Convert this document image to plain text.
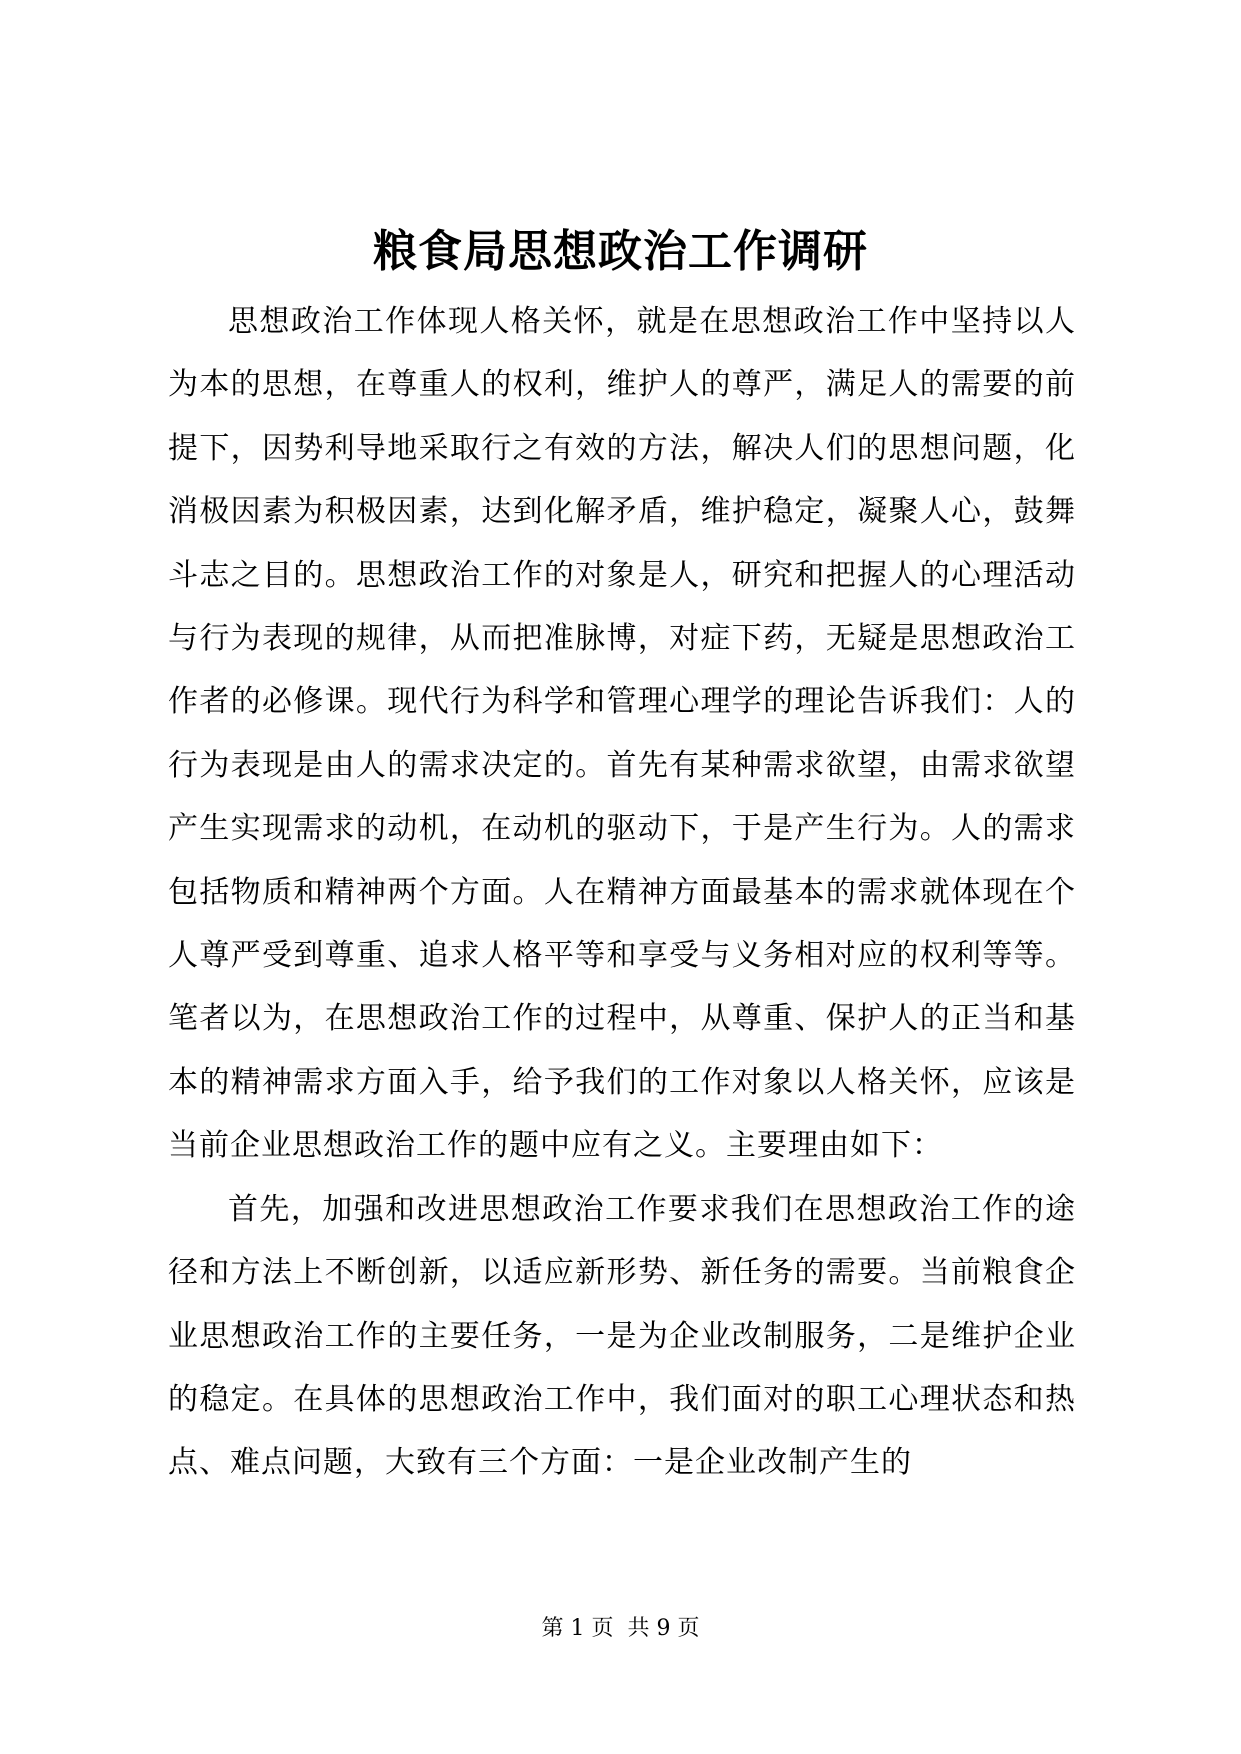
粮食局思想政治工作调研

思想政治工作体现人格关怀，就是在思想政治工作中坚持以人为本的思想，在尊重人的权利，维护人的尊严，满足人的需要的前提下，因势利导地采取行之有效的方法，解决人们的思想问题，化消极因素为积极因素，达到化解矛盾，维护稳定，凝聚人心，鼓舞斗志之目的。思想政治工作的对象是人，研究和把握人的心理活动与行为表现的规律，从而把准脉博，对症下药，无疑是思想政治工作者的必修课。现代行为科学和管理心理学的理论告诉我们：人的行为表现是由人的需求决定的。首先有某种需求欲望，由需求欲望产生实现需求的动机，在动机的驱动下，于是产生行为。人的需求包括物质和精神两个方面。人在精神方面最基本的需求就体现在个人尊严受到尊重、追求人格平等和享受与义务相对应的权利等等。笔者以为，在思想政治工作的过程中，从尊重、保护人的正当和基本的精神需求方面入手，给予我们的工作对象以人格关怀，应该是当前企业思想政治工作的题中应有之义。主要理由如下：

首先，加强和改进思想政治工作要求我们在思想政治工作的途径和方法上不断创新，以适应新形势、新任务的需要。当前粮食企业思想政治工作的主要任务，一是为企业改制服务，二是维护企业的稳定。在具体的思想政治工作中，我们面对的职工心理状态和热点、难点问题，大致有三个方面：一是企业改制产生的

第 1 页  共 9 页
